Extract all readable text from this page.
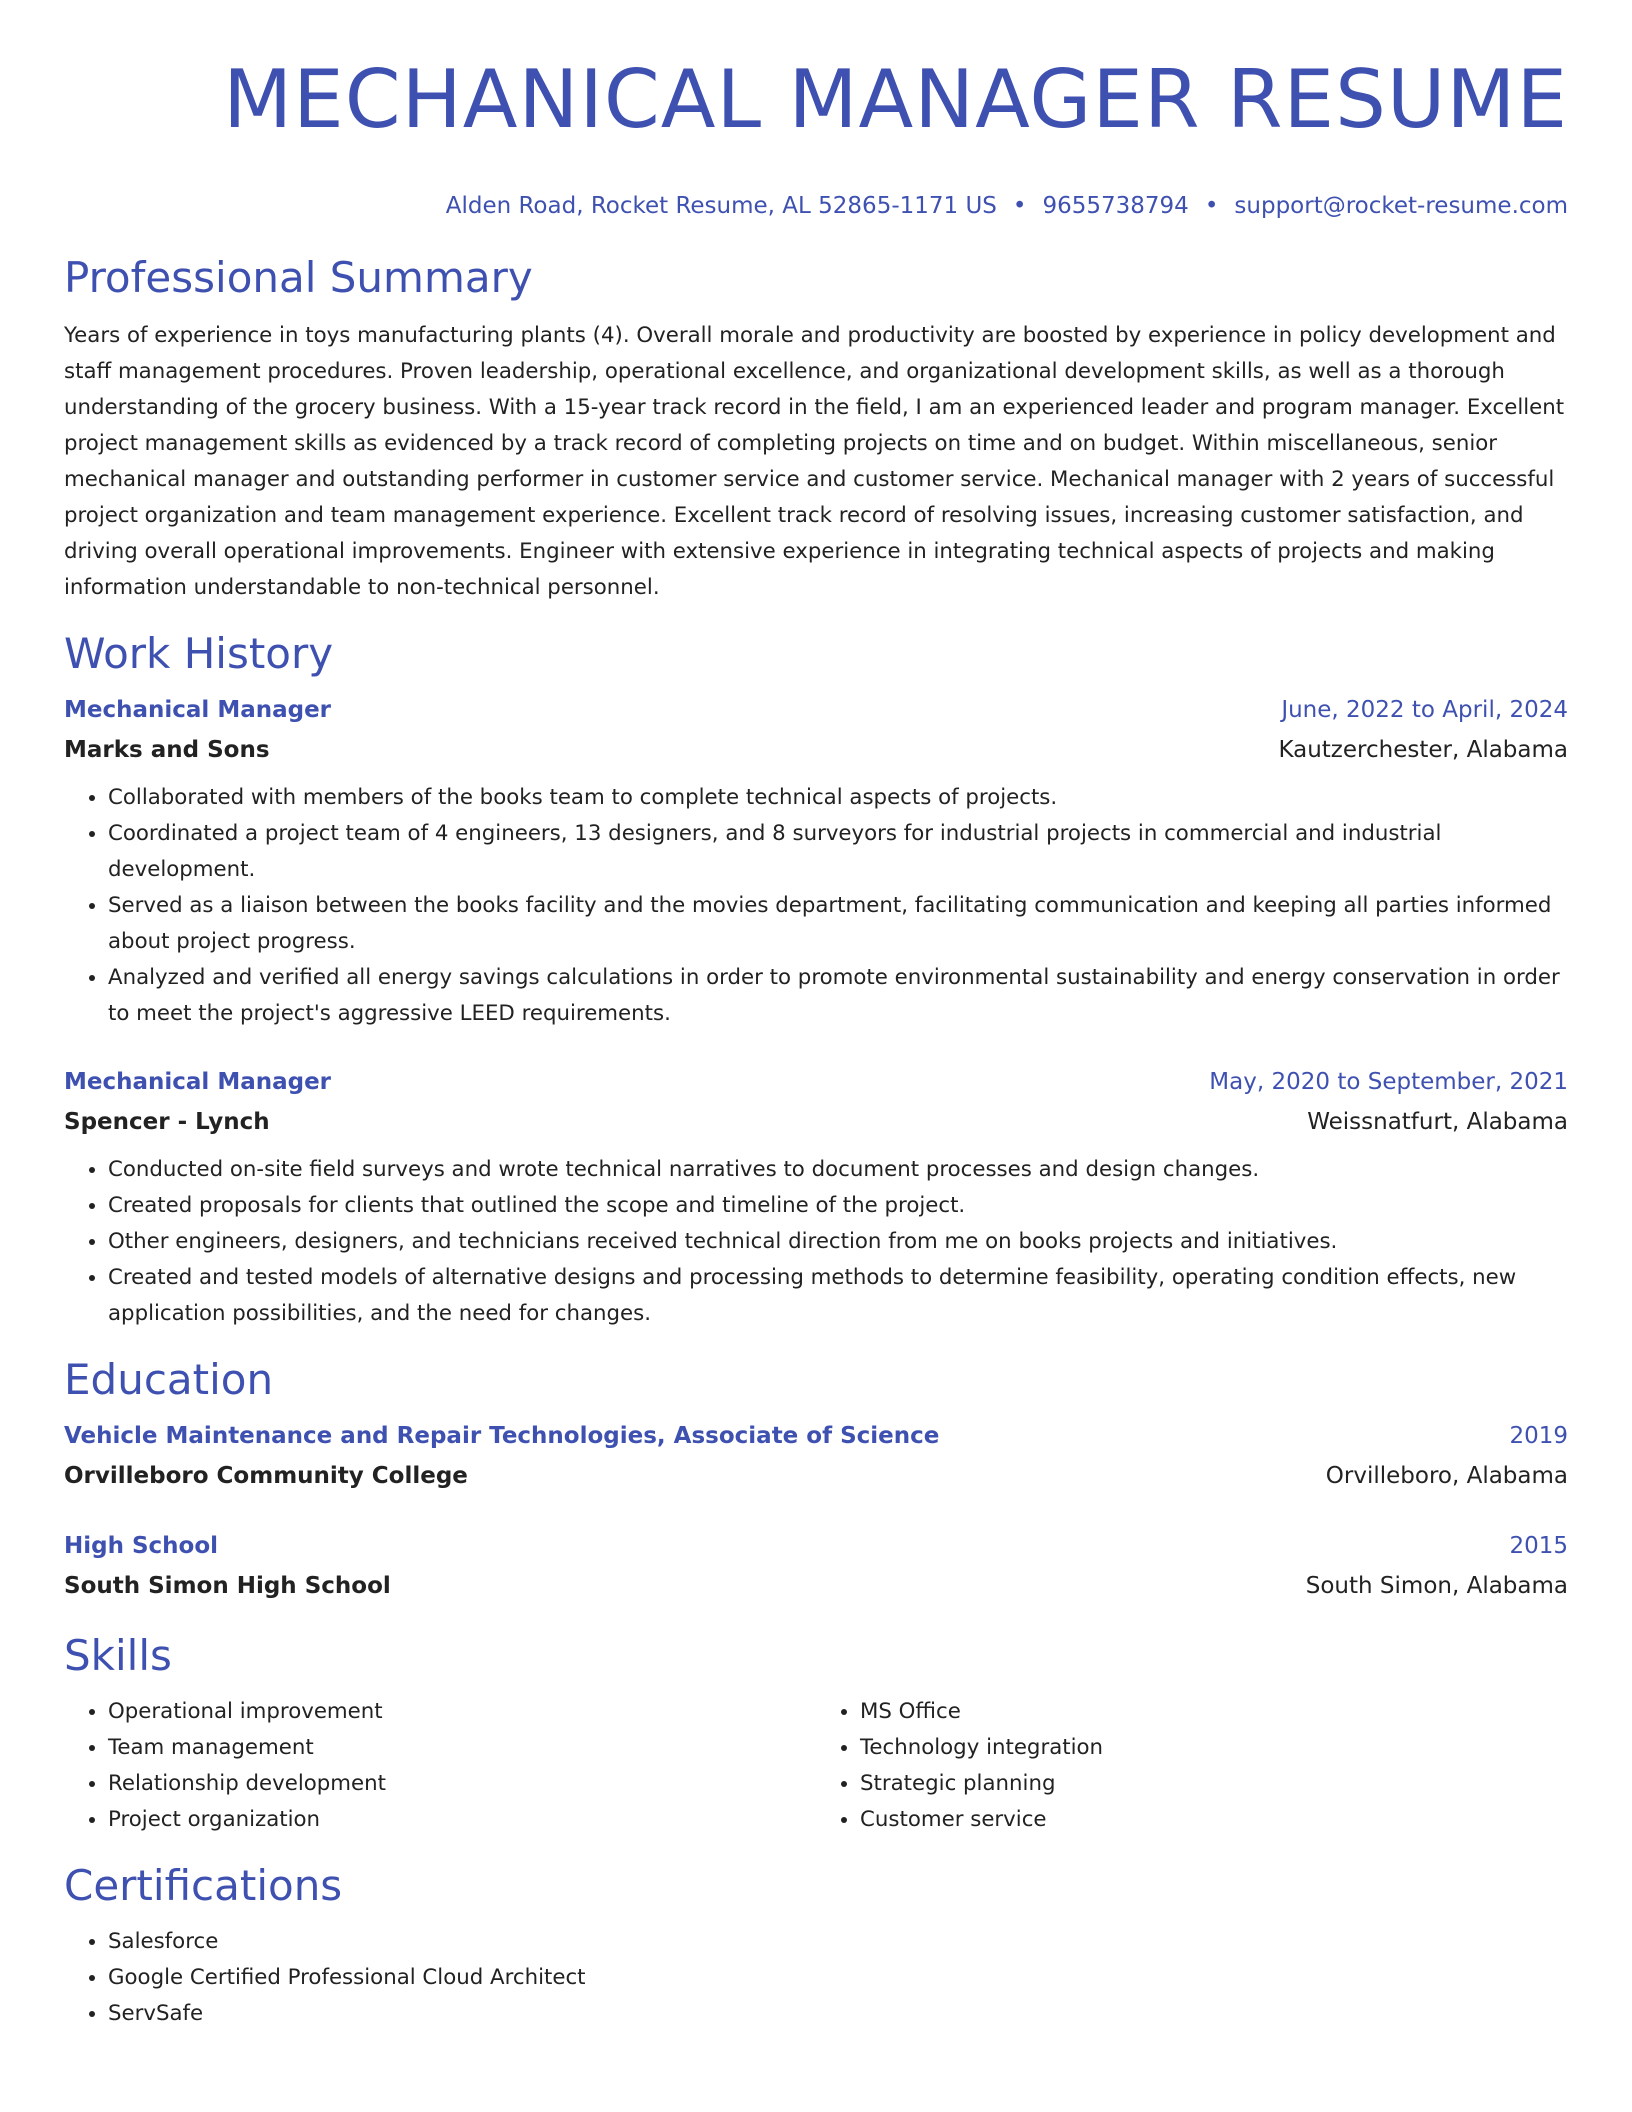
MECHANICAL MANAGER RESUME
Alden Road, Rocket Resume, AL 52865-1171 US • 9655738794 • support@rocket-resume.com
Professional Summary
Years of experience in toys manufacturing plants (4). Overall morale and productivity are boosted by experience in policy development and staff management procedures. Proven leadership, operational excellence, and organizational development skills, as well as a thorough understanding of the grocery business. With a 15-year track record in the field, I am an experienced leader and program manager. Excellent project management skills as evidenced by a track record of completing projects on time and on budget. Within miscellaneous, senior mechanical manager and outstanding performer in customer service and customer service. Mechanical manager with 2 years of successful project organization and team management experience. Excellent track record of resolving issues, increasing customer satisfaction, and driving overall operational improvements. Engineer with extensive experience in integrating technical aspects of projects and making information understandable to non-technical personnel.
Work History
Mechanical Manager	June, 2022 to April, 2024
Marks and Sons	Kautzerchester, Alabama
• Collaborated with members of the books team to complete technical aspects of projects.
• Coordinated a project team of 4 engineers, 13 designers, and 8 surveyors for industrial projects in commercial and industrial development.
• Served as a liaison between the books facility and the movies department, facilitating communication and keeping all parties informed about project progress.
• Analyzed and verified all energy savings calculations in order to promote environmental sustainability and energy conservation in order to meet the project's aggressive LEED requirements.
Mechanical Manager	May, 2020 to September, 2021
Spencer - Lynch	Weissnatfurt, Alabama
• Conducted on-site field surveys and wrote technical narratives to document processes and design changes.
• Created proposals for clients that outlined the scope and timeline of the project.
• Other engineers, designers, and technicians received technical direction from me on books projects and initiatives.
• Created and tested models of alternative designs and processing methods to determine feasibility, operating condition effects, new application possibilities, and the need for changes.
Education
Vehicle Maintenance and Repair Technologies, Associate of Science	2019
Orvilleboro Community College	Orvilleboro, Alabama
High School	2015
South Simon High School	South Simon, Alabama
Skills
• Operational improvement
• Team management
• Relationship development
• Project organization
• MS Office
• Technology integration
• Strategic planning
• Customer service
Certifications
• Salesforce
• Google Certified Professional Cloud Architect
• ServSafe
